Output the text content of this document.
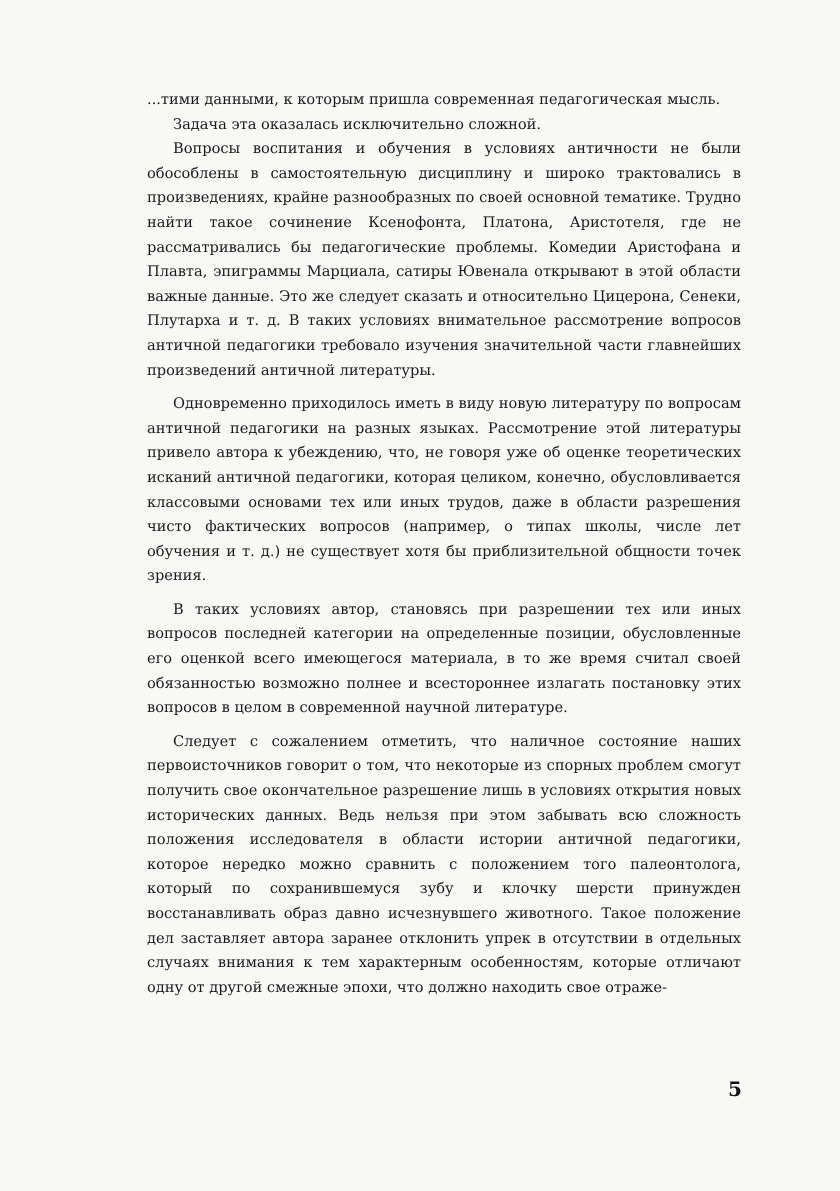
...тими данными, к которым пришла современная педагогическая мысль.

Задача эта оказалась исключительно сложной.

Вопросы воспитания и обучения в условиях античности не были обособлены в самостоятельную дисциплину и широко трактовались в произведениях, крайне разнообразных по своей основной тематике. Трудно найти такое сочинение Ксенофонта, Платона, Аристотеля, где не рассматривались бы педагогические проблемы. Комедии Аристофана и Плавта, эпиграммы Марциала, сатиры Ювенала открывают в этой области важные данные. Это же следует сказать и относительно Цицерона, Сенеки, Плутарха и т. д. В таких условиях внимательное рассмотрение вопросов античной педагогики требовало изучения значительной части главнейших произведений античной литературы.

Одновременно приходилось иметь в виду новую литературу по вопросам античной педагогики на разных языках. Рассмотрение этой литературы привело автора к убеждению, что, не говоря уже об оценке теоретических исканий античной педагогики, которая целиком, конечно, обусловливается классовыми основами тех или иных трудов, даже в области разрешения чисто фактических вопросов (например, о типах школы, числе лет обучения и т. д.) не существует хотя бы приблизительной общности точек зрения.

В таких условиях автор, становясь при разрешении тех или иных вопросов последней категории на определенные позиции, обусловленные его оценкой всего имеющегося материала, в то же время считал своей обязанностью возможно полнее и всестороннее излагать постановку этих вопросов в целом в современной научной литературе.

Следует с сожалением отметить, что наличное состояние наших первоисточников говорит о том, что некоторые из спорных проблем смогут получить свое окончательное разрешение лишь в условиях открытия новых исторических данных. Ведь нельзя при этом забывать всю сложность положения исследователя в области истории античной педагогики, которое нередко можно сравнить с положением того палеонтолога, который по сохранившемуся зубу и клочку шерсти принужден восстанавливать образ давно исчезнувшего животного. Такое положение дел заставляет автора заранее отклонить упрек в отсутствии в отдельных случаях внимания к тем характерным особенностям, которые отличают одну от другой смежные эпохи, что должно находить свое отраже-

5
